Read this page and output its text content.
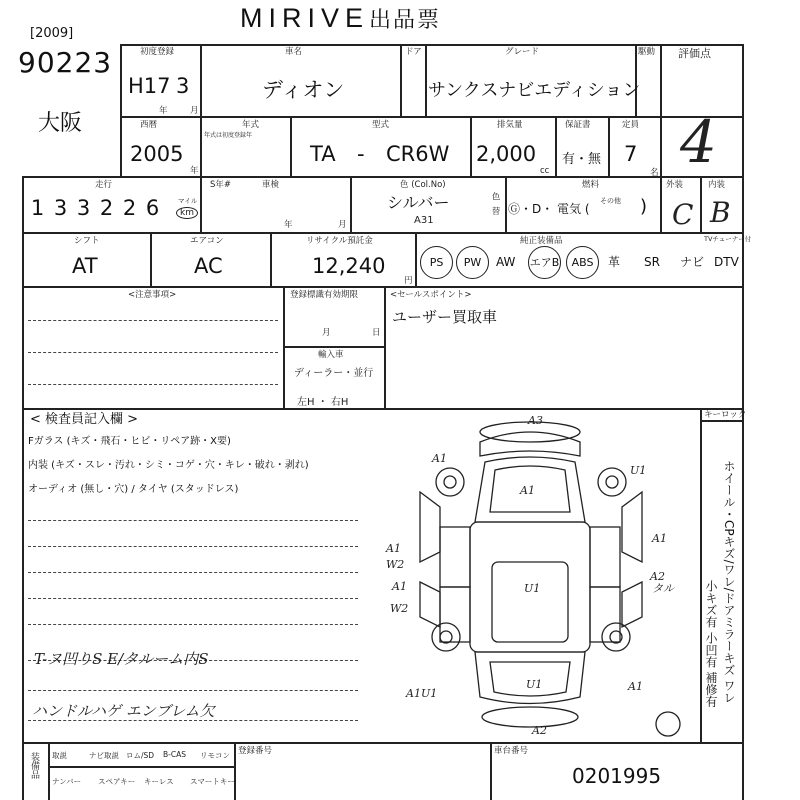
MIRIVE出品票
[2009]
90223
大阪
初度登録
H17 3
年	月
車名
ディオン
ドア	グレード
サンクスナビエディション
駆動 評価点
4
西暦
2005
年
年式
年式は初度登録年
型式
TA - CR6W
排気量
2,000
cc
保証書
有・無
定員
7
名
走行	S年#
1 3 3 2 2 6	マイル
km
車検
年	月
色 (Col.No)
シルバー
A31	色替
燃料
Ⓖ・D・ 電気 (
その他 )
外装	内装
C B
シフト
AT
エアコン
AC
リサイクル預託金
12,240
円
純正装備品	TVチューナー付
PS	PW	AW エアB	ABS	革 SR ナビ DTV
<注意事項>	登録標識有効期限
月	日
輸入車
ディーラー・並行
左H ・ 右H
<セールスポイント>
ユーザー買取車
< 検査員記入欄 >
Fガラス (キズ・飛石・ヒビ・リペア跡・X要)
内装 (キズ・スレ・汚れ・シミ・コゲ・穴・キレ・破れ・剥れ)
オーディオ (無し・穴) / タイヤ (スタッドレス)
T-ヌ凹りS E/タルーム内S
ハンドルハゲ エンブレム欠
キーロック
ホイール・CPキズ/ワレ/ドアミラーキズ ワレ
小キズ有 小凹有 補修有
A3
A1
A1
U1
A1
W2
A1
A1
W2
U1
A2
タル
A1U1
U1	A1
A2
装備品 取説	ナビ取説 ロム/SD B-CAS リモコン
ナンバー スペアキー キーレス スマートキー
登録番号	車台番号
0201995
